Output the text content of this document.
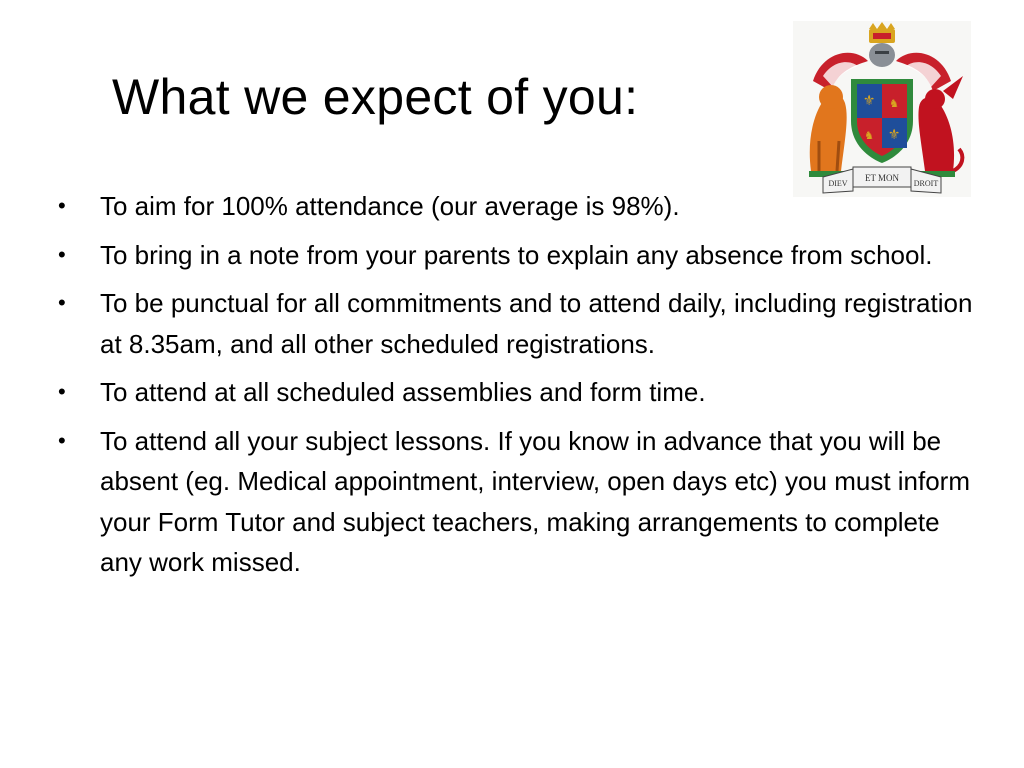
What we expect of you:	⚜ ♞
⚜
♞
DIEV
ET MON
DROIT
• To aim for 100% attendance (our average is 98%).
• To bring in a note from your parents to explain any absence from school.
• To be punctual for all commitments and to attend daily, including registration at 8.35am, and all other scheduled registrations.
• To attend at all scheduled assemblies and form time.
• To attend all your subject lessons. If you know in advance that you will be absent (eg. Medical appointment, interview, open days etc) you must inform your Form Tutor and subject teachers, making arrangements to complete any work missed.
